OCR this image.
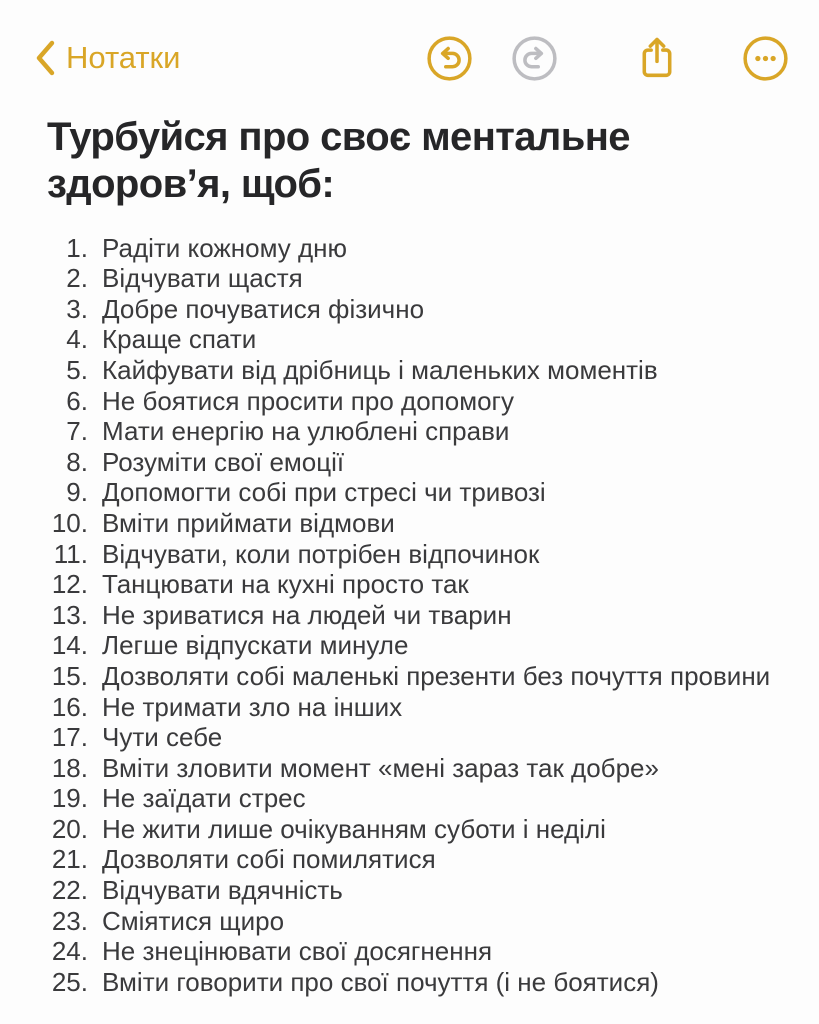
Нотатки
Турбуйся про своє ментальне здоров’я, щоб:
Радіти кожному дню
Відчувати щастя
Добре почуватися фізично
Краще спати
Кайфувати від дрібниць і маленьких моментів
Не боятися просити про допомогу
Мати енергію на улюблені справи
Розуміти свої емоції
Допомогти собі при стресі чи тривозі
Вміти приймати відмови
Відчувати, коли потрібен відпочинок
Танцювати на кухні просто так
Не зриватися на людей чи тварин
Легше відпускати минуле
Дозволяти собі маленькі презенти без почуття провини
Не тримати зло на інших
Чути себе
Вміти зловити момент «мені зараз так добре»
Не заїдати стрес
Не жити лише очікуванням суботи і неділі
Дозволяти собі помилятися
Відчувати вдячність
Сміятися щиро
Не знецінювати свої досягнення
Вміти говорити про свої почуття (і не боятися)
